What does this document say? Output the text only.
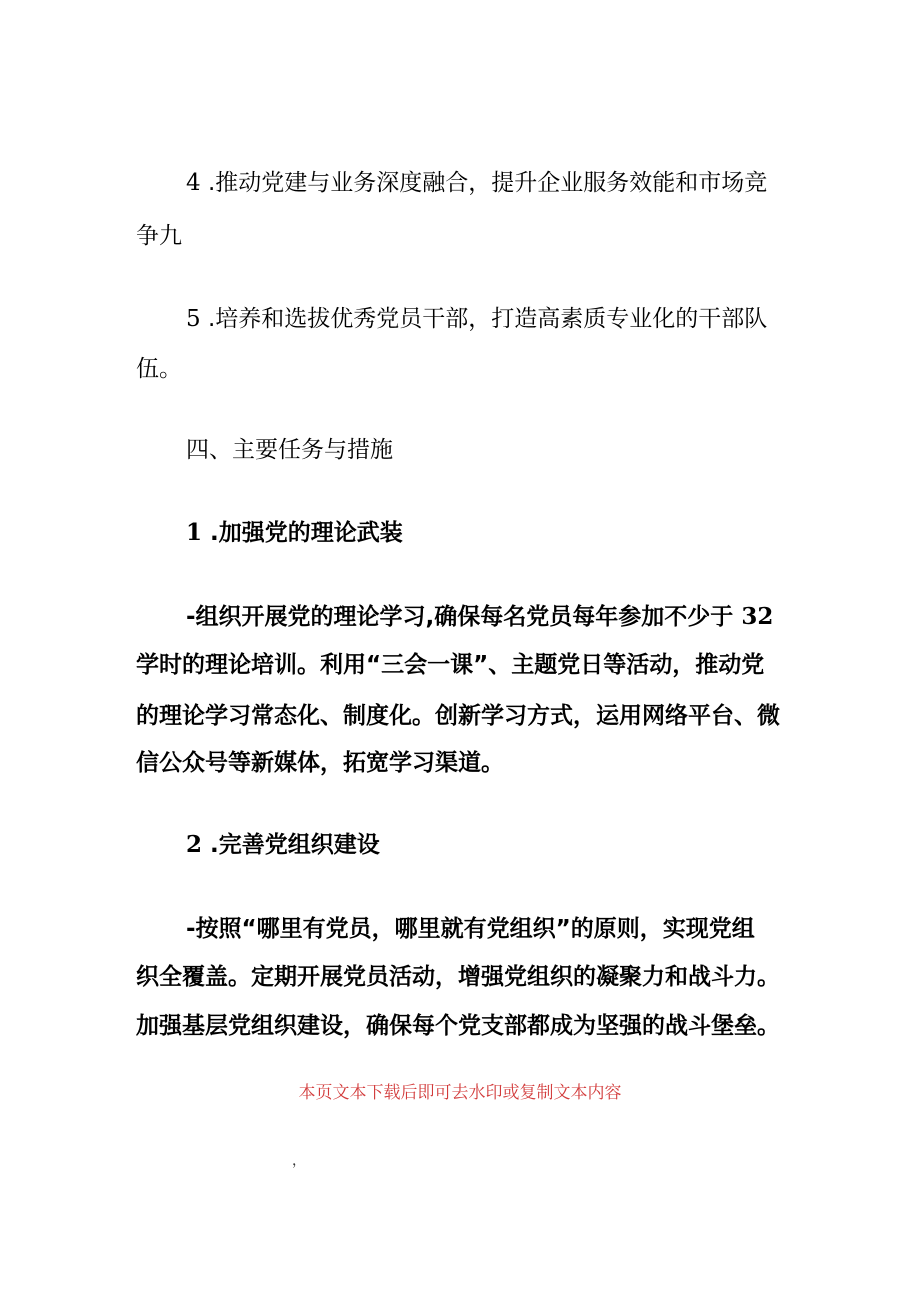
4 .推动党建与业务深度融合，提升企业服务效能和市场竞
争九
5 .培养和选拔优秀党员干部，打造高素质专业化的干部队
伍。
四、主要任务与措施
1 .加强党的理论武装
-组织开展党的理论学习,确保每名党员每年参加不少于 32
学时的理论培训。利用“三会一课”、主题党日等活动，推动党
的理论学习常态化、制度化。创新学习方式，运用网络平台、微
信公众号等新媒体，拓宽学习渠道。
2 .完善党组织建设
-按照“哪里有党员，哪里就有党组织”的原则，实现党组
织全覆盖。定期开展党员活动，增强党组织的凝聚力和战斗力。
加强基层党组织建设，确保每个党支部都成为坚强的战斗堡垒。
本页文本下载后即可去水印或复制文本内容
，
